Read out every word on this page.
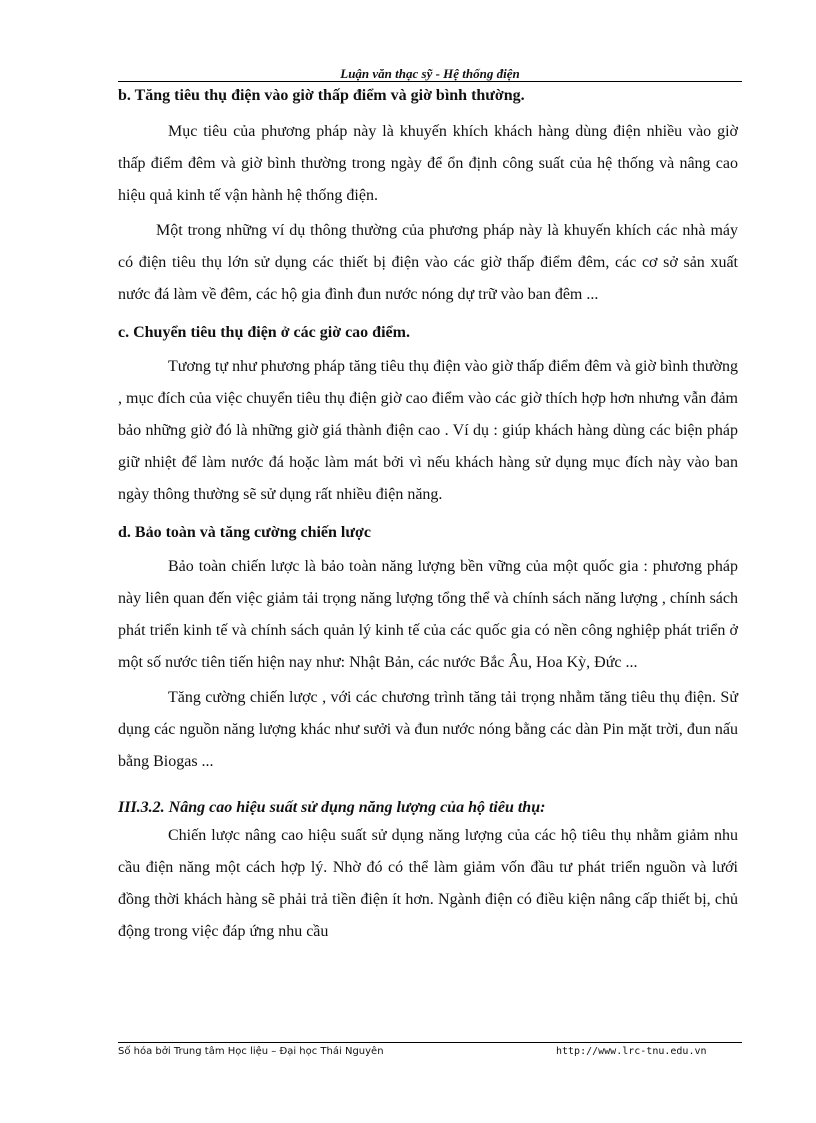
Luận văn thạc sỹ - Hệ thống điện
b. Tăng tiêu thụ điện vào giờ thấp điểm và giờ bình thường.

Mục tiêu của phương pháp này là khuyến khích khách hàng dùng điện nhiều vào giờ thấp điểm đêm và giờ bình thường trong ngày để ổn định công suất của hệ thống và nâng cao hiệu quả kinh tế vận hành hệ thống điện.

Một trong những ví dụ thông thường của phương pháp này là khuyến khích các nhà máy có điện tiêu thụ lớn sử dụng các thiết bị điện vào các giờ thấp điểm đêm, các cơ sở sản xuất nước đá làm về đêm, các hộ gia đình đun nước nóng dự trữ vào ban đêm ...

c. Chuyển tiêu thụ điện ở các giờ cao điểm.

Tương tự như phương pháp tăng tiêu thụ điện vào giờ thấp điểm đêm và giờ bình thường , mục đích của việc chuyển tiêu thụ điện giờ cao điểm vào các giờ thích hợp hơn nhưng vẫn đảm bảo những giờ đó là những giờ giá thành điện cao . Ví dụ : giúp khách hàng dùng các biện pháp giữ nhiệt để làm nước đá hoặc làm mát bởi vì nếu khách hàng sử dụng mục đích này vào ban ngày thông thường sẽ sử dụng rất nhiều điện năng.

d. Bảo toàn và tăng cường chiến lược

Bảo toàn chiến lược là bảo toàn năng lượng bền vững của một quốc gia : phương pháp này liên quan đến việc giảm tải trọng năng lượng tổng thể và chính sách năng lượng , chính sách phát triển kinh tế và chính sách quản lý kinh tế của các quốc gia có nền công nghiệp phát triển ở một số nước tiên tiến hiện nay như: Nhật Bản, các nước Bắc Âu, Hoa Kỳ, Đức ...

Tăng cường chiến lược , với các chương trình tăng tải trọng nhằm tăng tiêu thụ điện. Sử dụng các nguồn năng lượng khác như sưởi và đun nước nóng bằng các dàn Pin mặt trời, đun nấu bằng Biogas ...

III.3.2. Nâng cao hiệu suất sử dụng năng lượng của hộ tiêu thụ:

Chiến lược nâng cao hiệu suất sử dụng năng lượng của các hộ tiêu thụ nhằm giảm nhu cầu điện năng một cách hợp lý. Nhờ đó có thể làm giảm vốn đầu tư phát triển nguồn và lưới đồng thời khách hàng sẽ phải trả tiền điện ít hơn. Ngành điện có điều kiện nâng cấp thiết bị, chủ động trong việc đáp ứng nhu cầu

Số hóa bởi Trung tâm Học liệu – Đại học Thái Nguyên	http://www.lrc-tnu.edu.vn
